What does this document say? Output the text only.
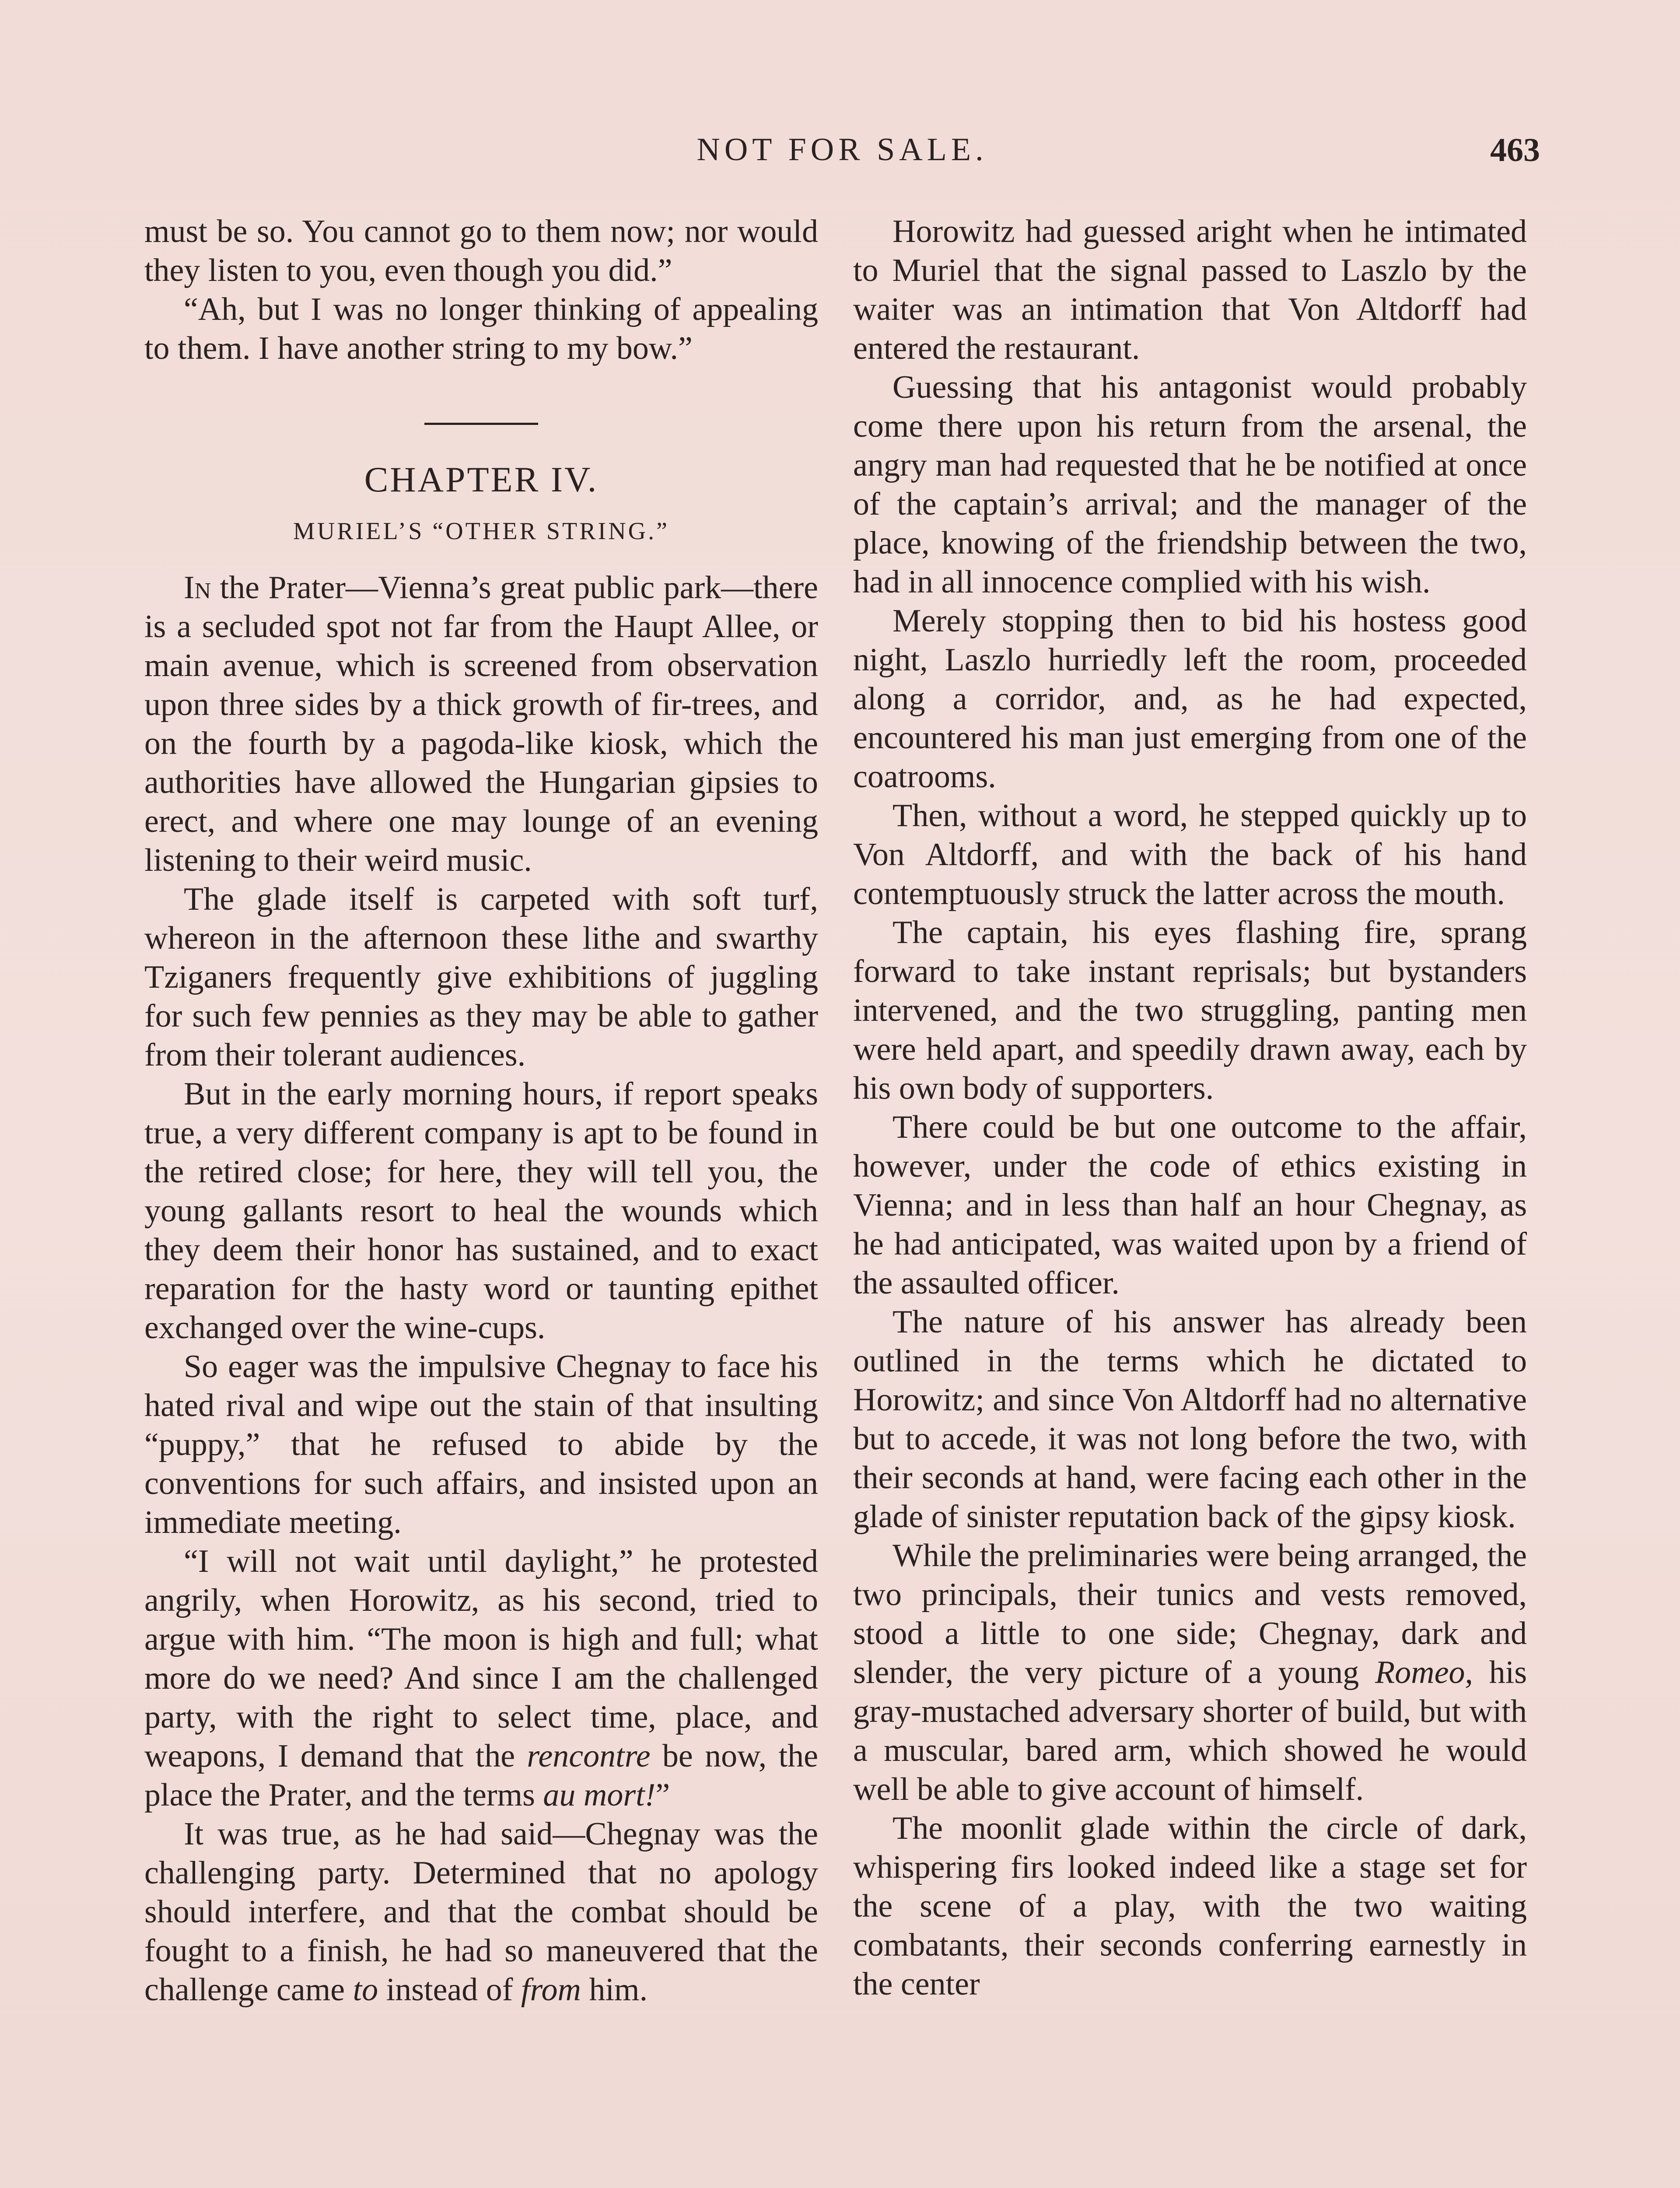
NOT FOR SALE.	463

must be so. You cannot go to them now; nor would they listen to you, even though you did.”

“Ah, but I was no longer thinking of appealing to them. I have another string to my bow.”

CHAPTER IV.
MURIEL’S “OTHER STRING.”

In the Prater—Vienna’s great public park—there is a secluded spot not far from the Haupt Allee, or main avenue, which is screened from observation upon three sides by a thick growth of fir-trees, and on the fourth by a pagoda-like kiosk, which the authorities have allowed the Hungarian gipsies to erect, and where one may lounge of an evening listening to their weird music.

The glade itself is carpeted with soft turf, whereon in the afternoon these lithe and swarthy Tziganers frequently give exhibitions of juggling for such few pennies as they may be able to gather from their tolerant audiences.

But in the early morning hours, if report speaks true, a very different company is apt to be found in the retired close; for here, they will tell you, the young gallants resort to heal the wounds which they deem their honor has sustained, and to exact reparation for the hasty word or taunting epithet exchanged over the wine-cups.

So eager was the impulsive Chegnay to face his hated rival and wipe out the stain of that insulting “puppy,” that he refused to abide by the conventions for such affairs, and insisted upon an immediate meeting.

“I will not wait until daylight,” he protested angrily, when Horowitz, as his second, tried to argue with him. “The moon is high and full; what more do we need? And since I am the challenged party, with the right to select time, place, and weapons, I demand that the rencontre be now, the place the Prater, and the terms au mort!”

It was true, as he had said—Chegnay was the challenging party. Determined that no apology should interfere, and that the combat should be fought to a finish, he had so maneuvered that the challenge came to instead of from him.

Horowitz had guessed aright when he intimated to Muriel that the signal passed to Laszlo by the waiter was an intimation that Von Altdorff had entered the restaurant.

Guessing that his antagonist would probably come there upon his return from the arsenal, the angry man had requested that he be notified at once of the captain’s arrival; and the manager of the place, knowing of the friendship between the two, had in all innocence complied with his wish.

Merely stopping then to bid his hostess good night, Laszlo hurriedly left the room, proceeded along a corridor, and, as he had expected, encountered his man just emerging from one of the coatrooms.

Then, without a word, he stepped quickly up to Von Altdorff, and with the back of his hand contemptuously struck the latter across the mouth.

The captain, his eyes flashing fire, sprang forward to take instant reprisals; but bystanders intervened, and the two struggling, panting men were held apart, and speedily drawn away, each by his own body of supporters.

There could be but one outcome to the affair, however, under the code of ethics existing in Vienna; and in less than half an hour Chegnay, as he had anticipated, was waited upon by a friend of the assaulted officer.

The nature of his answer has already been outlined in the terms which he dictated to Horowitz; and since Von Altdorff had no alternative but to accede, it was not long before the two, with their seconds at hand, were facing each other in the glade of sinister reputation back of the gipsy kiosk.

While the preliminaries were being arranged, the two principals, their tunics and vests removed, stood a little to one side; Chegnay, dark and slender, the very picture of a young Romeo, his gray-mustached adversary shorter of build, but with a muscular, bared arm, which showed he would well be able to give account of himself.

The moonlit glade within the circle of dark, whispering firs looked indeed like a stage set for the scene of a play, with the two waiting combatants, their seconds conferring earnestly in the center
